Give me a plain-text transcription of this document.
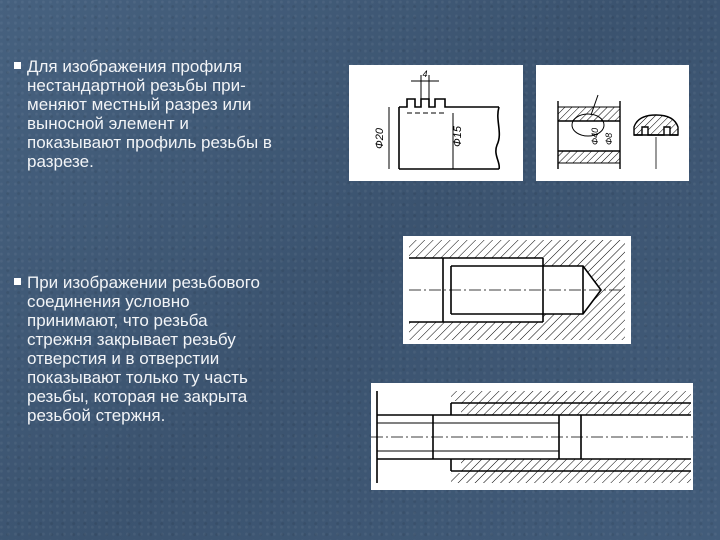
Для изображения профиля
нестандартной резьбы при-
меняют местный разрез или
выносной элемент и
показывают профиль резьбы в
разрезе.

При изображении резьбового
соединения условно
принимают, что резьба
стрежня закрывает резьбу
отверстия и в отверстии
показывают только ту часть
резьбы, которая не закрыта
резьбой стержня.

4
Ф20	Ф15	Ф40 Ф8
